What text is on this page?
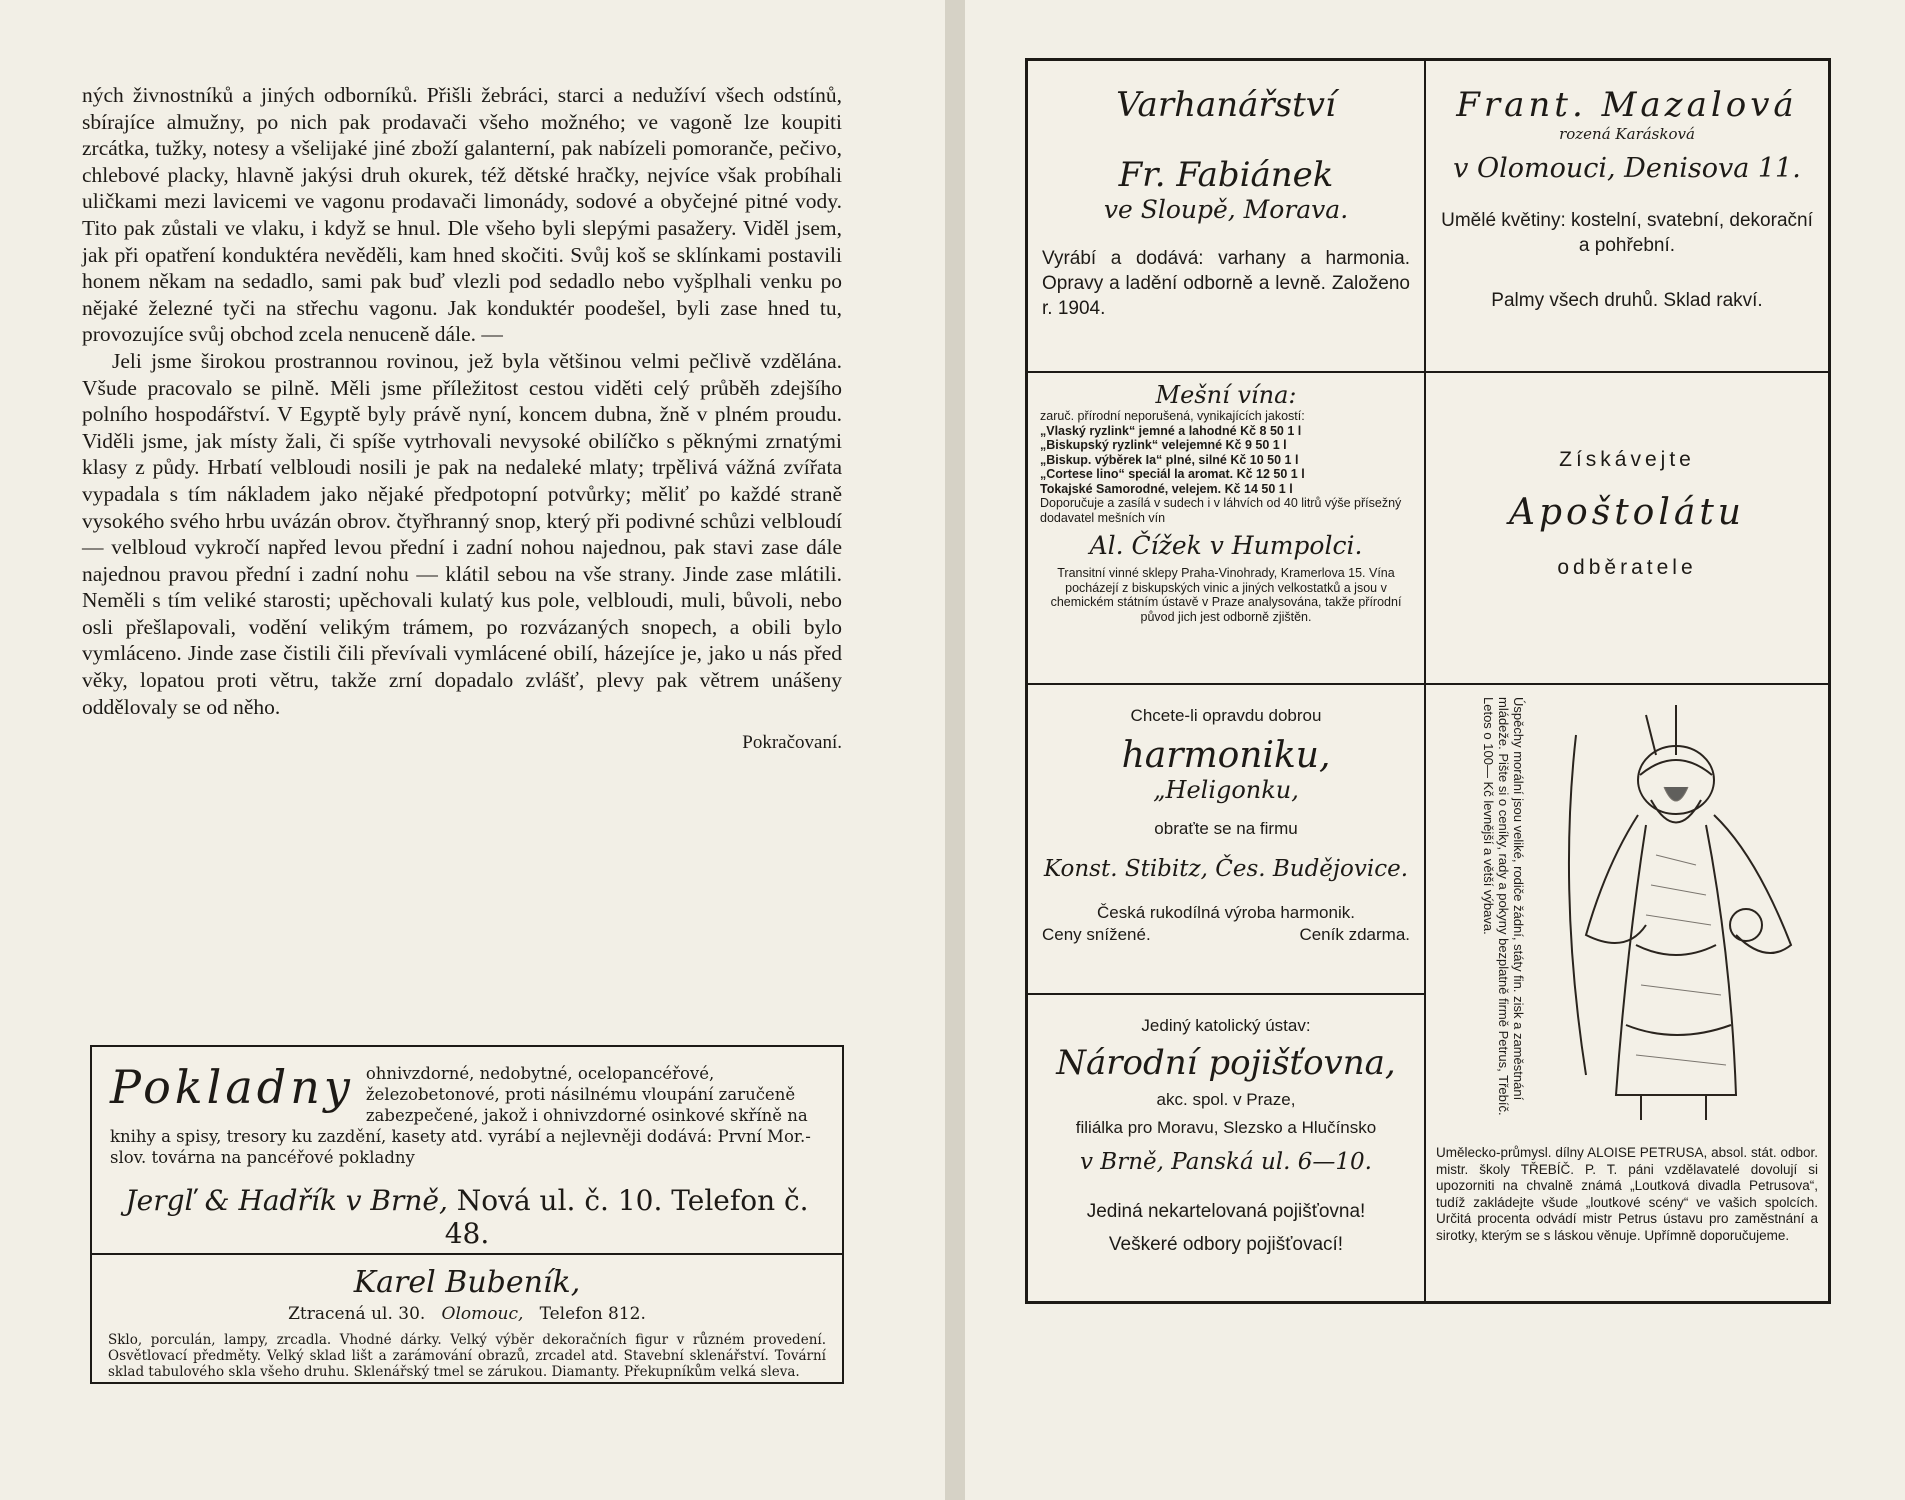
ných živnostníků a jiných odborníků. Přišli žebráci, starci a nedužíví všech odstínů, sbírajíce almužny, po nich pak prodavači všeho možného; ve vagoně lze koupiti zrcátka, tužky, notesy a všelijaké jiné zboží galanterní, pak nabízeli pomoranče, pečivo, chlebové placky, hlavně jakýsi druh okurek, též dětské hračky, nejvíce však probíhali uličkami mezi lavicemi ve vagonu prodavači limonády, sodové a obyčejné pitné vody. Tito pak zůstali ve vlaku, i když se hnul. Dle všeho byli slepými pasažery. Viděl jsem, jak při opatření konduktéra nevěděli, kam hned skočiti. Svůj koš se sklínkami postavili honem někam na sedadlo, sami pak buď vlezli pod sedadlo nebo vyšplhali venku po nějaké železné tyči na střechu vagonu. Jak konduktér poodešel, byli zase hned tu, provozujíce svůj obchod zcela nenuceně dále. —

Jeli jsme širokou prostrannou rovinou, jež byla většinou velmi pečlivě vzdělána. Všude pracovalo se pilně. Měli jsme příležitost cestou viděti celý průběh zdejšího polního hospodářství. V Egyptě byly právě nyní, koncem dubna, žně v plném proudu. Viděli jsme, jak místy žali, či spíše vytrhovali nevysoké obilíčko s pěknými zrnatými klasy z půdy. Hrbatí velbloudi nosili je pak na nedaleké mlaty; trpělivá vážná zvířata vypadala s tím nákladem jako nějaké předpotopní potvůrky; měliť po každé straně vysokého svého hrbu uvázán obrov. čtyřhranný snop, který při podivné schůzi velbloudí — velbloud vykročí napřed levou přední i zadní nohou najednou, pak stavi zase dále najednou pravou přední i zadní nohu — klátil sebou na vše strany. Jinde zase mlátili. Neměli s tím veliké starosti; upěchovali kulatý kus pole, velbloudi, muli, bůvoli, nebo osli přešlapovali, vodění velikým trámem, po rozvázaných snopech, a obili bylo vymláceno. Jinde zase čistili čili převívali vymlácené obilí, házejíce je, jako u nás před věky, lopatou proti větru, takže zrní dopadalo zvlášť, plevy pak větrem unášeny oddělovaly se od něho.

Pokračovaní.
Pokladny ohnivzdorné, nedobytné, ocelopancéřové, železobetonové, proti násilnému vloupání zaručeně zabezpečené, jakož i ohnivzdorné osinkové skříně na knihy a spisy, tresory ku zazdění, kasety atd. vyrábí a nejlevněji dodává: První Mor.-slov. továrna na pancéřové pokladny
Jergľ & Hadřík v Brně, Nová ul. č. 10. Telefon č. 48.
Karel Bubeník,
Ztracená ul. 30. Olomouc, Telefon 812.
Sklo, porculán, lampy, zrcadla. Vhodné dárky. Velký výběr dekoračních figur v různém provedení. Osvětlovací předměty. Velký sklad lišt a zarámování obrazů, zrcadel atd. Stavební sklenářství. Tovární sklad tabulového skla všeho druhu. Sklenářský tmel se zárukou. Diamanty. Překupníkům velká sleva.
Varhanářství
Fr. Fabiánek
ve Sloupě, Morava.
Vyrábí a dodává: varhany a harmonia. Opravy a ladění odborně a levně. Založeno r. 1904.
Frant. Mazalová
rozená Karásková
v Olomouci, Denisova 11.
Umělé květiny: kostelní, svatební, dekorační a pohřební.
Palmy všech druhů. Sklad rakví.
Mešní vína:
zaruč. přírodní neporušená, vynikajících jakostí:
„Vlaský ryzlink“ jemné a lahodné Kč 8 50 1 l
„Biskupský ryzlink“ velejemné Kč 9 50 1 l
„Biskup. výběrek Ia“ plné, silné Kč 10 50 1 l
„Cortese lino“ speciál la aromat. Kč 12 50 1 l
Tokajské Samorodné, velejem. Kč 14 50 1 l
Doporučuje a zasílá v sudech i v láhvích od 40 litrů výše přísežný dodavatel mešních vín
Al. Čížek v Humpolci.
Transitní vinné sklepy Praha-Vinohrady, Kramerlova 15. Vína pocházejí z biskupských vinic a jiných velkostatků a jsou v chemickém státním ústavě v Praze analysována, takže přírodní původ jich jest odborně zjištěn.
Získávejte
Apoštolátu
odběratele
Chcete-li opravdu dobrou
harmoniku,
„Heligonku,
obraťte se na firmu
Konst. Stibitz, Čes. Budějovice.
Česká rukodílná výroba harmonik.
Ceny snížené.	Ceník zdarma.
Jediný katolický ústav:
Národní pojišťovna,
akc. spol. v Praze,
filiálka pro Moravu, Slezsko a Hlučínsko
v Brně, Panská ul. 6—10.
Jediná nekartelovaná pojišťovna!
Veškeré odbory pojišťovací!
Úspěchy morální jsou veliké, rodiče žádní, státy fin. zisk a zaměstnání mládeže. Pište si o ceníky, rady a pokyny bezplatně firmě Petrus, Třebíč. Letos o 100— Kč levnější a větší výbava.
Umělecko-průmysl. dílny ALOISE PETRUSA, absol. stát. odbor. mistr. školy TŘEBÍČ. P. T. páni vzdělavatelé dovolují si upozorniti na chvalně známá „Loutková divadla Petrusova“, tudíž zakládejte všude „loutkové scény“ ve vašich spolcích. Určitá procenta odvádí mistr Petrus ústavu pro zaměstnání a sirotky, kterým se s láskou věnuje. Upřímně doporučujeme.
